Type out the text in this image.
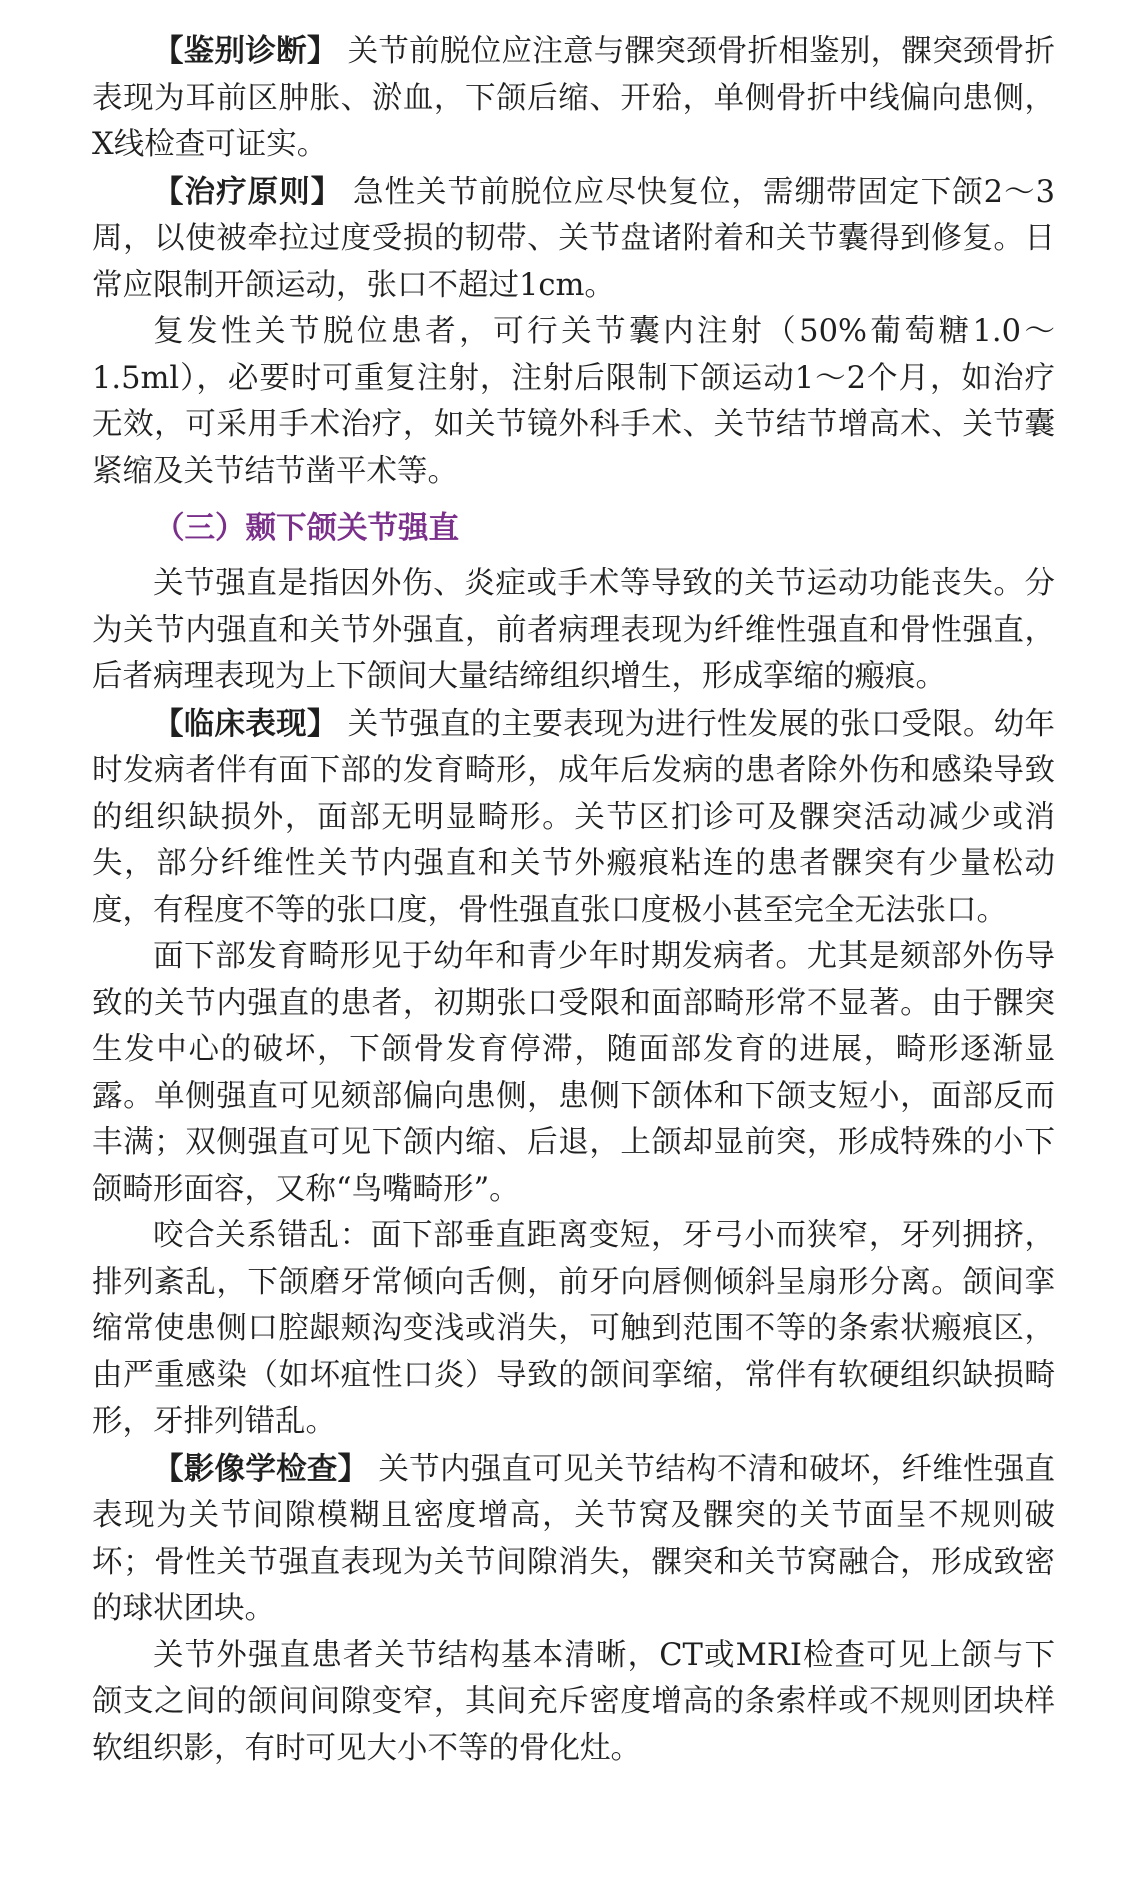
【鉴别诊断】 关节前脱位应注意与髁突颈骨折相鉴别，髁突颈骨折表现为耳前区肿胀、淤血，下颌后缩、开𬌗，单侧骨折中线偏向患侧，X线检查可证实。

【治疗原则】 急性关节前脱位应尽快复位，需绷带固定下颌2～3周，以使被牵拉过度受损的韧带、关节盘诸附着和关节囊得到修复。日常应限制开颌运动，张口不超过1cm。

复发性关节脱位患者，可行关节囊内注射（50%葡萄糖1.0～1.5ml），必要时可重复注射，注射后限制下颌运动1～2个月，如治疗无效，可采用手术治疗，如关节镜外科手术、关节结节增高术、关节囊紧缩及关节结节凿平术等。

（三）颞下颌关节强直

关节强直是指因外伤、炎症或手术等导致的关节运动功能丧失。分为关节内强直和关节外强直，前者病理表现为纤维性强直和骨性强直，后者病理表现为上下颌间大量结缔组织增生，形成挛缩的瘢痕。

【临床表现】 关节强直的主要表现为进行性发展的张口受限。幼年时发病者伴有面下部的发育畸形，成年后发病的患者除外伤和感染导致的组织缺损外，面部无明显畸形。关节区扪诊可及髁突活动减少或消失，部分纤维性关节内强直和关节外瘢痕粘连的患者髁突有少量松动度，有程度不等的张口度，骨性强直张口度极小甚至完全无法张口。

面下部发育畸形见于幼年和青少年时期发病者。尤其是颏部外伤导致的关节内强直的患者，初期张口受限和面部畸形常不显著。由于髁突生发中心的破坏，下颌骨发育停滞，随面部发育的进展，畸形逐渐显露。单侧强直可见颏部偏向患侧，患侧下颌体和下颌支短小，面部反而丰满；双侧强直可见下颌内缩、后退，上颌却显前突，形成特殊的小下颌畸形面容，又称“鸟嘴畸形”。

咬合关系错乱：面下部垂直距离变短，牙弓小而狭窄，牙列拥挤，排列紊乱，下颌磨牙常倾向舌侧，前牙向唇侧倾斜呈扇形分离。颌间挛缩常使患侧口腔龈颊沟变浅或消失，可触到范围不等的条索状瘢痕区，由严重感染（如坏疽性口炎）导致的颌间挛缩，常伴有软硬组织缺损畸形，牙排列错乱。

【影像学检查】 关节内强直可见关节结构不清和破坏，纤维性强直表现为关节间隙模糊且密度增高，关节窝及髁突的关节面呈不规则破坏；骨性关节强直表现为关节间隙消失，髁突和关节窝融合，形成致密的球状团块。

关节外强直患者关节结构基本清晰，CT或MRI检查可见上颌与下颌支之间的颌间间隙变窄，其间充斥密度增高的条索样或不规则团块样软组织影，有时可见大小不等的骨化灶。
